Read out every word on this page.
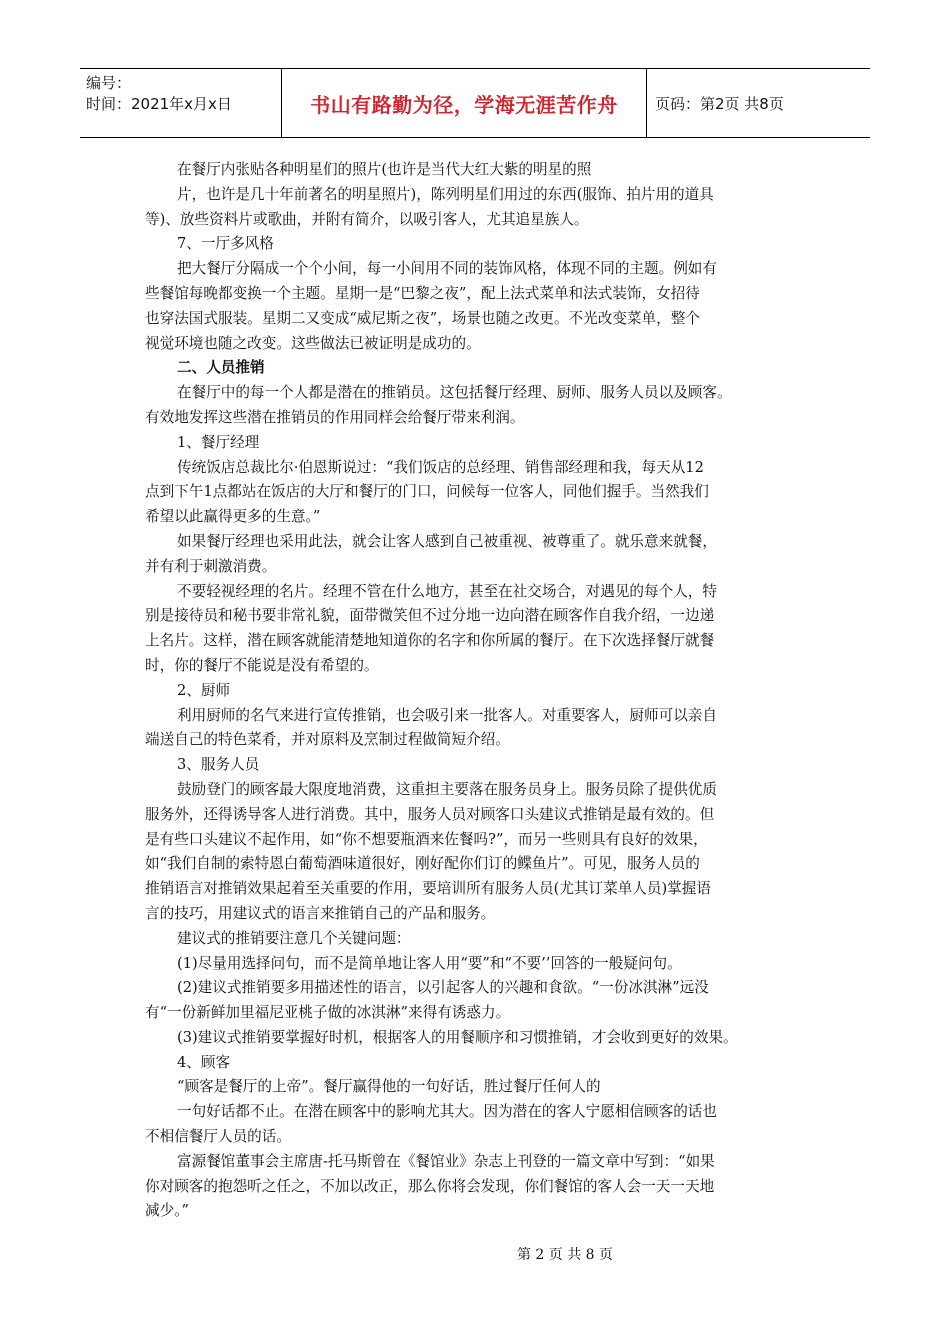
编号：
时间：2021年x月x日	书山有路勤为径，学海无涯苦作舟	页码：第2页 共8页
在餐厅内张贴各种明星们的照片(也许是当代大红大紫的明星的照
片，也许是几十年前著名的明星照片)，陈列明星们用过的东西(服饰、拍片用的道具
等)、放些资料片或歌曲，并附有简介，以吸引客人，尤其追星族人。
7、一厅多风格
把大餐厅分隔成一个个小间，每一小间用不同的装饰风格，体现不同的主题。例如有
些餐馆每晚都变换一个主题。星期一是“巴黎之夜”，配上法式菜单和法式装饰，女招待
也穿法国式服装。星期二又变成“威尼斯之夜”，场景也随之改更。不光改变菜单，整个
视觉环境也随之改变。这些做法已被证明是成功的。
二、人员推销
在餐厅中的每一个人都是潜在的推销员。这包括餐厅经理、厨师、服务人员以及顾客。
有效地发挥这些潜在推销员的作用同样会给餐厅带来利润。
1、餐厅经理
传统饭店总裁比尔·伯恩斯说过：“我们饭店的总经理、销售部经理和我，每天从12
点到下午1点都站在饭店的大厅和餐厅的门口，问候每一位客人，同他们握手。当然我们
希望以此赢得更多的生意。”
如果餐厅经理也采用此法，就会让客人感到自己被重视、被尊重了。就乐意来就餐，
并有利于刺激消费。
不要轻视经理的名片。经理不管在什么地方，甚至在社交场合，对遇见的每个人，特
别是接待员和秘书要非常礼貌，面带微笑但不过分地一边向潜在顾客作自我介绍，一边递
上名片。这样，潜在顾客就能清楚地知道你的名字和你所属的餐厅。在下次选择餐厅就餐
时，你的餐厅不能说是没有希望的。
2、厨师
利用厨师的名气来进行宣传推销，也会吸引来一批客人。对重要客人，厨师可以亲自
端送自己的特色菜肴，并对原料及烹制过程做简短介绍。
3、服务人员
鼓励登门的顾客最大限度地消费，这重担主要落在服务员身上。服务员除了提供优质
服务外，还得诱导客人进行消费。其中，服务人员对顾客口头建议式推销是最有效的。但
是有些口头建议不起作用，如“你不想要瓶酒来佐餐吗?”，而另一些则具有良好的效果，
如“我们自制的索特恩白葡萄酒味道很好，刚好配你们订的鲽鱼片”。可见，服务人员的
推销语言对推销效果起着至关重要的作用，要培训所有服务人员(尤其订菜单人员)掌握语
言的技巧，用建议式的语言来推销自己的产品和服务。
建议式的推销要注意几个关键问题：
(1)尽量用选择问句，而不是简单地让客人用“要”和“不要’’回答的一般疑问句。
(2)建议式推销要多用描述性的语言，以引起客人的兴趣和食欲。“一份冰淇淋”远没
有“一份新鲜加里福尼亚桃子做的冰淇淋”来得有诱惑力。
(3)建议式推销要掌握好时机，根据客人的用餐顺序和习惯推销，才会收到更好的效果。
4、顾客
“顾客是餐厅的上帝”。餐厅赢得他的一句好话，胜过餐厅任何人的
一句好话都不止。在潜在顾客中的影响尤其大。因为潜在的客人宁愿相信顾客的话也
不相信餐厅人员的话。
富源餐馆董事会主席唐-托马斯曾在《餐馆业》杂志上刊登的一篇文章中写到：“如果
你对顾客的抱怨听之任之，不加以改正，那么你将会发现，你们餐馆的客人会一天一天地
减少。”
第 2 页 共 8 页
